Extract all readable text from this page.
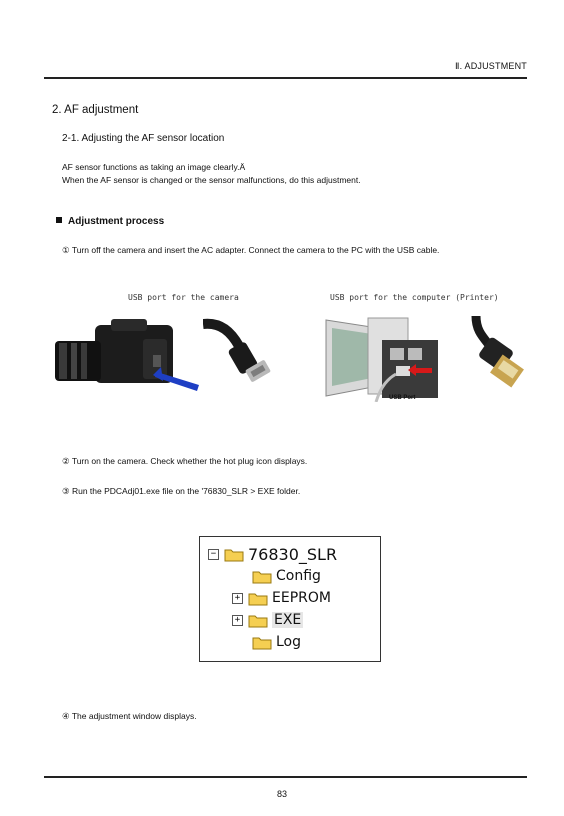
Ⅱ. ADJUSTMENT
2. AF adjustment
2-1. Adjusting the AF sensor location
AF sensor functions as taking an image clearly.Ä
When the AF sensor is changed or the sensor malfunctions, do this adjustment.
Adjustment process
① Turn off the camera and insert the AC adapter. Connect the camera to the PC with the USB cable.
USB port for the camera	USB port for the computer (Printer)
USB Port
② Turn on the camera. Check whether the hot plug icon displays.
③ Run the PDCAdj01.exe file on the '76830_SLR > EXE folder.
− 76830_SLR
Config
+ EEPROM
+ EXE
Log
④ The adjustment window displays.
83
